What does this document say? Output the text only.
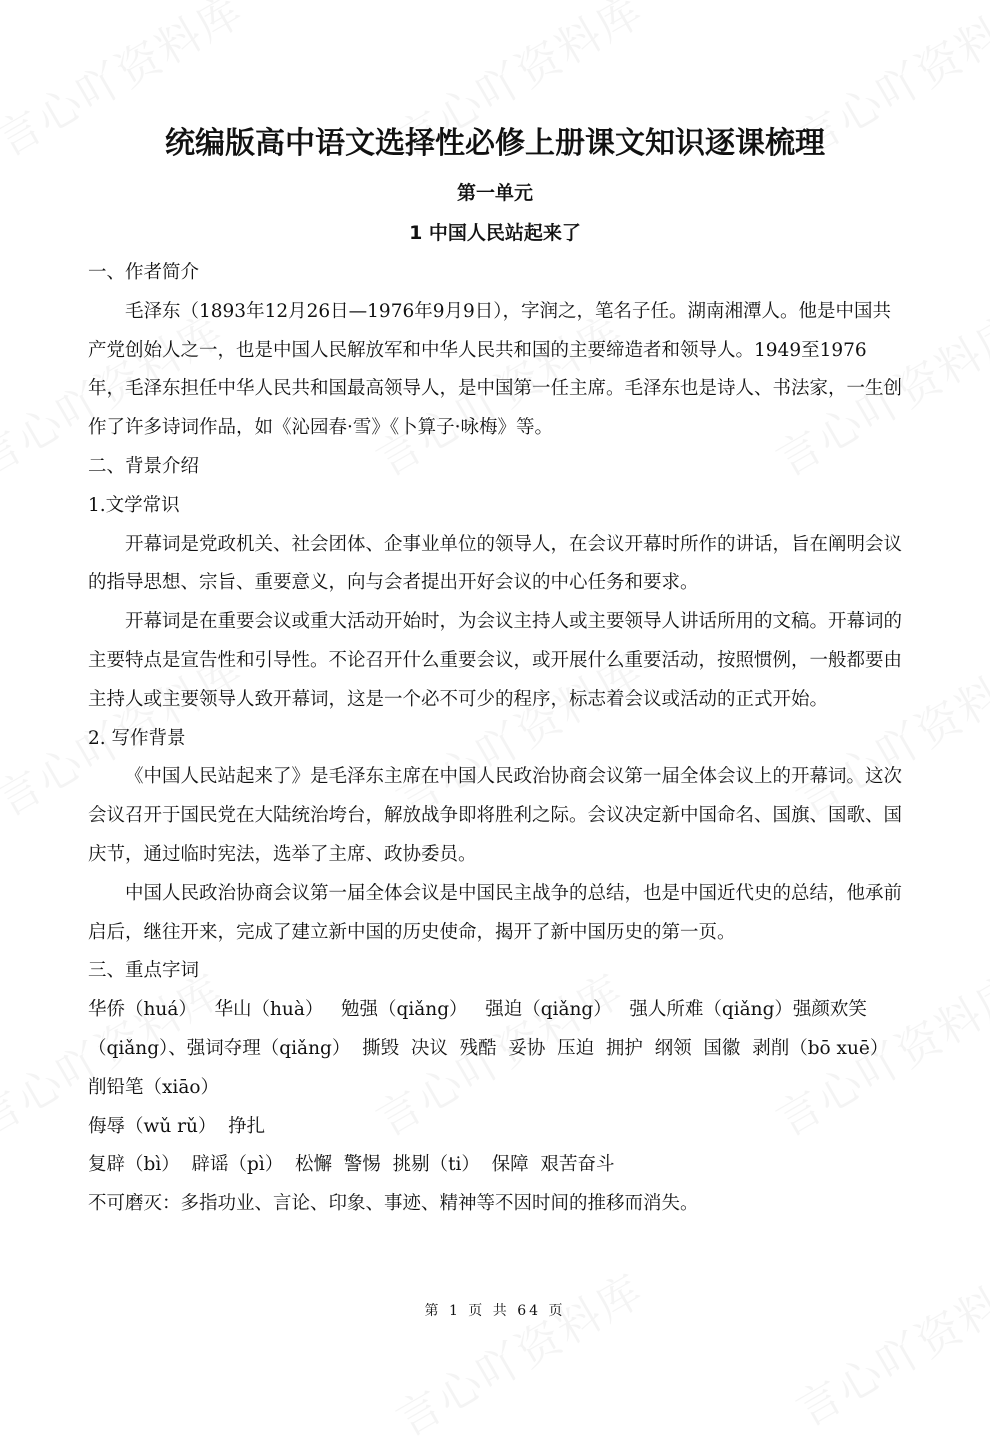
统编版高中语文选择性必修上册课文知识逐课梳理
第一单元
1 中国人民站起来了

一、作者简介

毛泽东（1893年12月26日—1976年9月9日），字润之，笔名子任。湖南湘潭人。他是中国共产党创始人之一，也是中国人民解放军和中华人民共和国的主要缔造者和领导人。1949至1976年，毛泽东担任中华人民共和国最高领导人，是中国第一任主席。毛泽东也是诗人、书法家，一生创作了许多诗词作品，如《沁园春·雪》《卜算子·咏梅》等。

二、背景介绍

1.文学常识

开幕词是党政机关、社会团体、企事业单位的领导人，在会议开幕时所作的讲话，旨在阐明会议的指导思想、宗旨、重要意义，向与会者提出开好会议的中心任务和要求。

开幕词是在重要会议或重大活动开始时，为会议主持人或主要领导人讲话所用的文稿。开幕词的主要特点是宣告性和引导性。不论召开什么重要会议，或开展什么重要活动，按照惯例，一般都要由主持人或主要领导人致开幕词，这是一个必不可少的程序，标志着会议或活动的正式开始。

2. 写作背景

《中国人民站起来了》是毛泽东主席在中国人民政治协商会议第一届全体会议上的开幕词。这次会议召开于国民党在大陆统治垮台，解放战争即将胜利之际。会议决定新中国命名、国旗、国歌、国庆节，通过临时宪法，选举了主席、政协委员。

中国人民政治协商会议第一届全体会议是中国民主战争的总结，也是中国近代史的总结，他承前启后，继往开来，完成了建立新中国的历史使命，揭开了新中国历史的第一页。

三、重点字词

华侨（huá）   华山（huà）   勉强（qiǎng）   强迫（qiǎng）   强人所难（qiǎng）强颜欢笑（qiǎng）、强词夺理（qiǎng）  撕毁  决议  残酷  妥协  压迫  拥护  纲领  国徽  剥削（bō xuē）  削铅笔（xiāo）

侮辱（wǔ rǔ）  挣扎

复辟（bì）  辟谣（pì）  松懈  警惕  挑剔（ti）  保障  艰苦奋斗

不可磨灭：多指功业、言论、印象、事迹、精神等不因时间的推移而消失。

第 1 页 共 64 页
